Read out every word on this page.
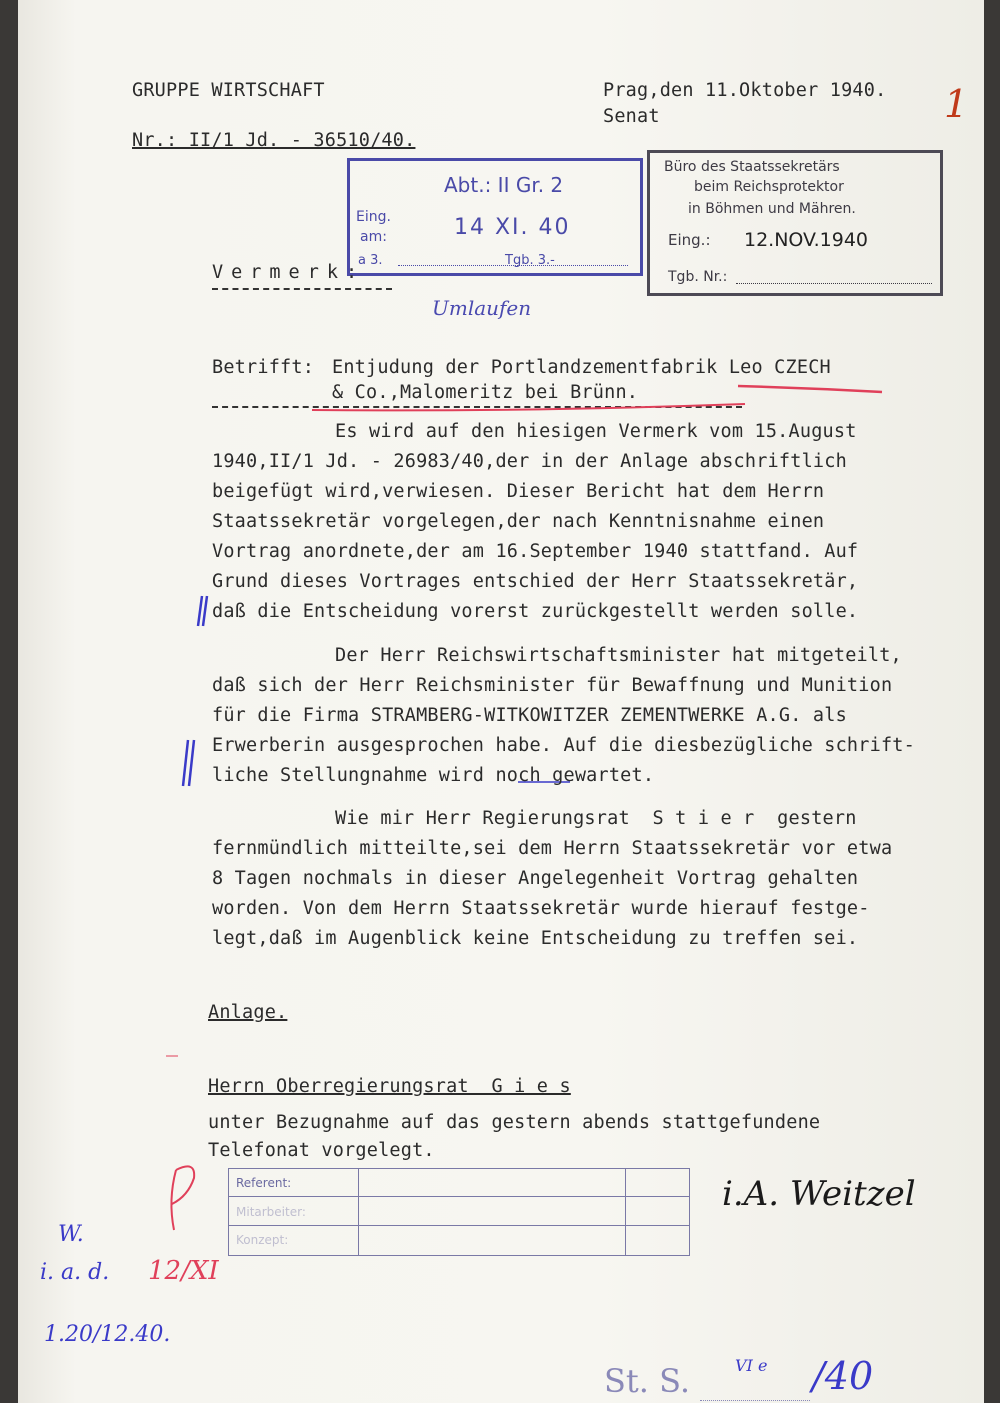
GRUPPE WIRTSCHAFT
Nr.: II/1 Jd. - 36510/40.
Prag,den 11.Oktober 1940.
Senat	1
Abt.: II Gr. 2
Eing.
am:	14 XI. 40
a 3.	Tgb. 3.-
Büro des Staatssekretärs
beim Reichsprotektor
in Böhmen und Mähren.
Eing.: 12.NOV.1940
Tgb. Nr.:
Vermerk:
Umlaufen
Betrifft: Entjudung der Portlandzementfabrik Leo CZECH
& Co.,Malomeritz bei Brünn.
Es wird auf den hiesigen Vermerk vom 15.August
1940,II/1 Jd. - 26983/40,der in der Anlage abschriftlich
beigefügt wird,verwiesen. Dieser Bericht hat dem Herrn
Staatssekretär vorgelegen,der nach Kenntnisnahme einen
Vortrag anordnete,der am 16.September 1940 stattfand. Auf
Grund dieses Vortrages entschied der Herr Staatssekretär,
daß die Entscheidung vorerst zurückgestellt werden solle.
Der Herr Reichswirtschaftsminister hat mitgeteilt,
daß sich der Herr Reichsminister für Bewaffnung und Munition
für die Firma STRAMBERG-WITKOWITZER ZEMENTWERKE A.G. als
Erwerberin ausgesprochen habe. Auf die diesbezügliche schrift-
liche Stellungnahme wird noch gewartet.
Wie mir Herr Regierungsrat  S t i e r  gestern
fernmündlich mitteilte,sei dem Herrn Staatssekretär vor etwa
8 Tagen nochmals in dieser Angelegenheit Vortrag gehalten
worden. Von dem Herrn Staatssekretär wurde hierauf festge-
legt,daß im Augenblick keine Entscheidung zu treffen sei.
Anlage.
Herrn Oberregierungsrat  G i e s
unter Bezugnahme auf das gestern abends stattgefundene
Telefonat vorgelegt.
Referent:
Mitarbeiter:
Konzept:
i.A. Weitzel
St. S.	VI e /40
W.
i. a. d.
1.20/12.40.
12/XI
